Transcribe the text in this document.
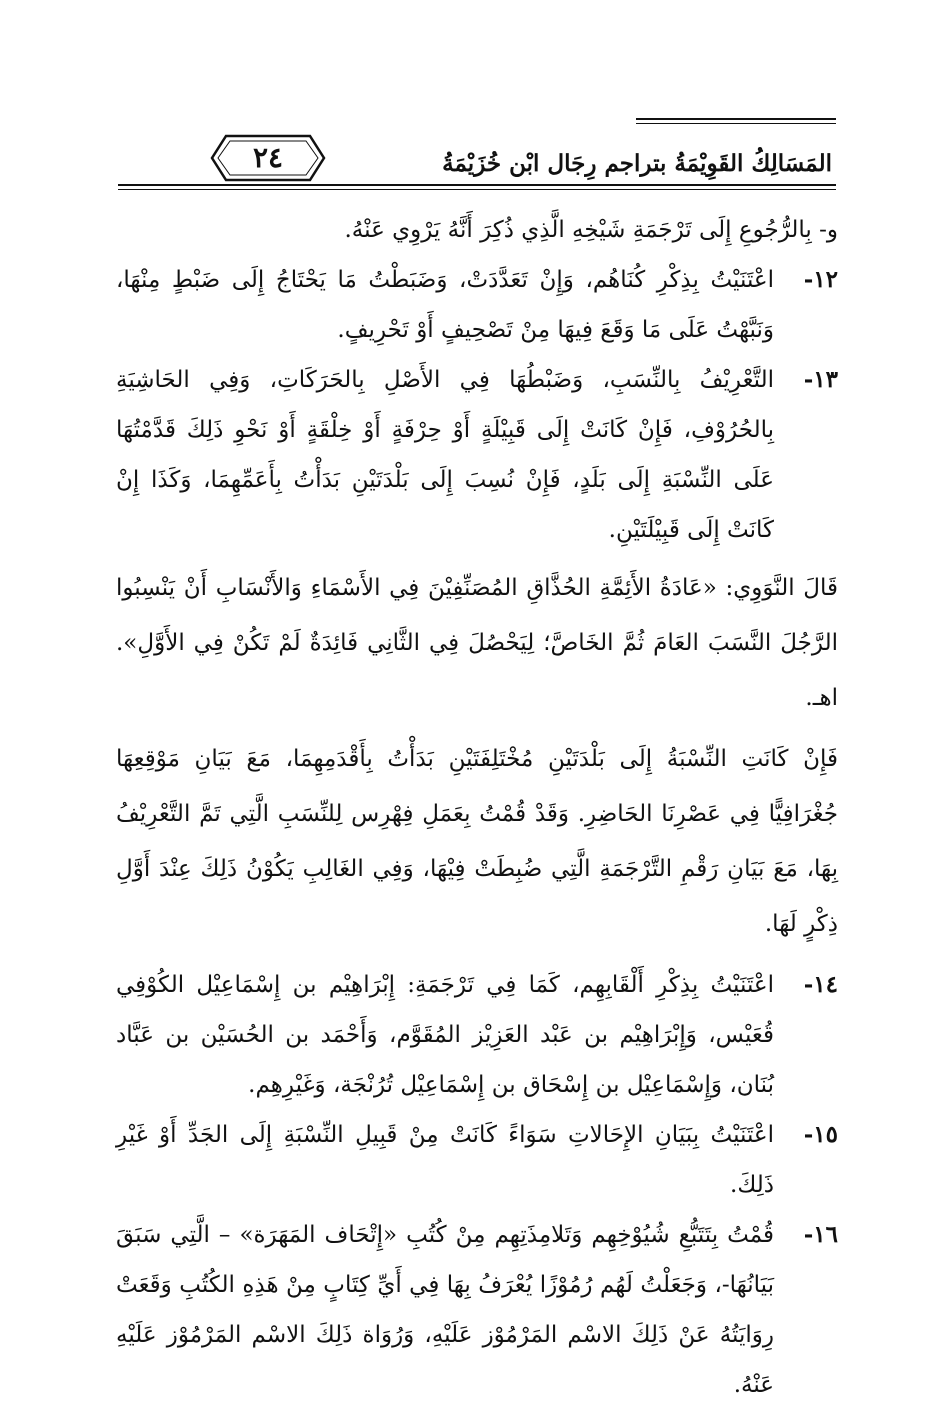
٢٤	المَسَالِكُ القَوِيْمَةُ بتراجم رِجَال ابْن خُزَيْمَةُ
و- بِالرُّجُوعِ إِلَى تَرْجَمَةِ شَيْخِهِ الَّذِي ذُكِرَ أَنَّهُ يَرْوِي عَنْهُ.
١٢-
اعْتَنَيْتُ بِذِكْرِ كُنَاهُم، وَإِنْ تَعَدَّدَتْ، وَضَبَطْتُ مَا يَحْتَاجُ إِلَى ضَبْطٍ مِنْهَا، وَنَبَّهْتُ عَلَى مَا وَقَعَ فِيهَا مِنْ تَصْحِيفٍ أَوْ تَحْرِيفٍ.
١٣-
التَّعْرِيْفُ بِالنِّسَبِ، وَضَبْطُهَا فِي الأَصْلِ بِالحَرَكَاتِ، وَفِي الحَاشِيَةِ بِالحُرُوْفِ، فَإِنْ كَانَتْ إِلَى قَبِيْلَةٍ أَوْ حِرْفَةٍ أَوْ خِلْقَةٍ أَوْ نَحْوِ ذَلِكَ قَدَّمْتُهَا عَلَى النِّسْبَةِ إِلَى بَلَدٍ، فَإِنْ نُسِبَ إِلَى بَلْدَتَيْنِ بَدَأْتُ بِأَعَمِّهِمَا، وَكَذَا إِنْ كَانَتْ إِلَى قَبِيْلَتَيْنِ.
قَالَ النَّوَوِي: «عَادَةُ الأَئِمَّةِ الحُذَّاقِ المُصَنِّفِيْنَ فِي الأَسْمَاءِ وَالأَنْسَابِ أَنْ يَنْسِبُوا الرَّجُلَ النَّسَبَ العَامَ ثُمَّ الخَاصَّ؛ لِيَحْصُلَ فِي الثَّانِي فَائِدَةٌ لَمْ تَكُنْ فِي الأَوَّلِ». اهـ.
فَإِنْ كَانَتِ النِّسْبَةُ إِلَى بَلْدَتَيْنِ مُخْتَلِفَتَيْنِ بَدَأْتُ بِأَقْدَمِهِمَا، مَعَ بَيَانِ مَوْقِعِهَا جُغْرَافِيًّا فِي عَصْرِنَا الحَاضِرِ. وَقَدْ قُمْتُ بِعَمَلِ فِهْرِس لِلنِّسَبِ الَّتِي تَمَّ التَّعْرِيْفُ بِهَا، مَعَ بَيَانِ رَقْمِ التَّرْجَمَةِ الَّتِي ضُبِطَتْ فِيْهَا، وَفِي الغَالِبِ يَكُوْنُ ذَلِكَ عِنْدَ أَوَّلِ ذِكْرٍ لَهَا.
١٤-
اعْتَنَيْتُ بِذِكْرِ أَلْقَابِهِم، كَمَا فِي تَرْجَمَةِ: إِبْرَاهِيْم بن إِسْمَاعِيْل الكُوْفِي قُعَيْس، وَإِبْرَاهِيْم بن عَبْد العَزِيْز المُقَوَّم، وَأَحْمَد بن الحُسَيْن بن عَبَّاد بُنَان، وَإِسْمَاعِيْل بن إِسْحَاق بن إِسْمَاعِيْل تُرُنْجَة، وَغَيْرِهِم.
١٥-
اعْتَنَيْتُ بِبَيَانِ الإِحَالاتِ سَوَاءً كَانَتْ مِنْ قَبِيلِ النِّسْبَةِ إِلَى الجَدِّ أَوْ غَيْرِ ذَلِكَ.
١٦-
قُمْتُ بِتَتَبُّعِ شُيُوْخِهِم وَتَلامِذَتِهِم مِنْ كُتُبِ «إِتْحَاف المَهَرَة» – الَّتِي سَبَقَ بَيَانُهَا-، وَجَعَلْتُ لَهُم رُمُوْزًا يُعْرَفُ بِهَا فِي أَيِّ كِتَابٍ مِنْ هَذِهِ الكُتُبِ وَقَعَتْ رِوَايَتُهُ عَنْ ذَلِكَ الاسْم المَرْمُوْز عَلَيْهِ، وَرُوَاة ذَلِكَ الاسْم المَرْمُوْز عَلَيْهِ عَنْهُ.
